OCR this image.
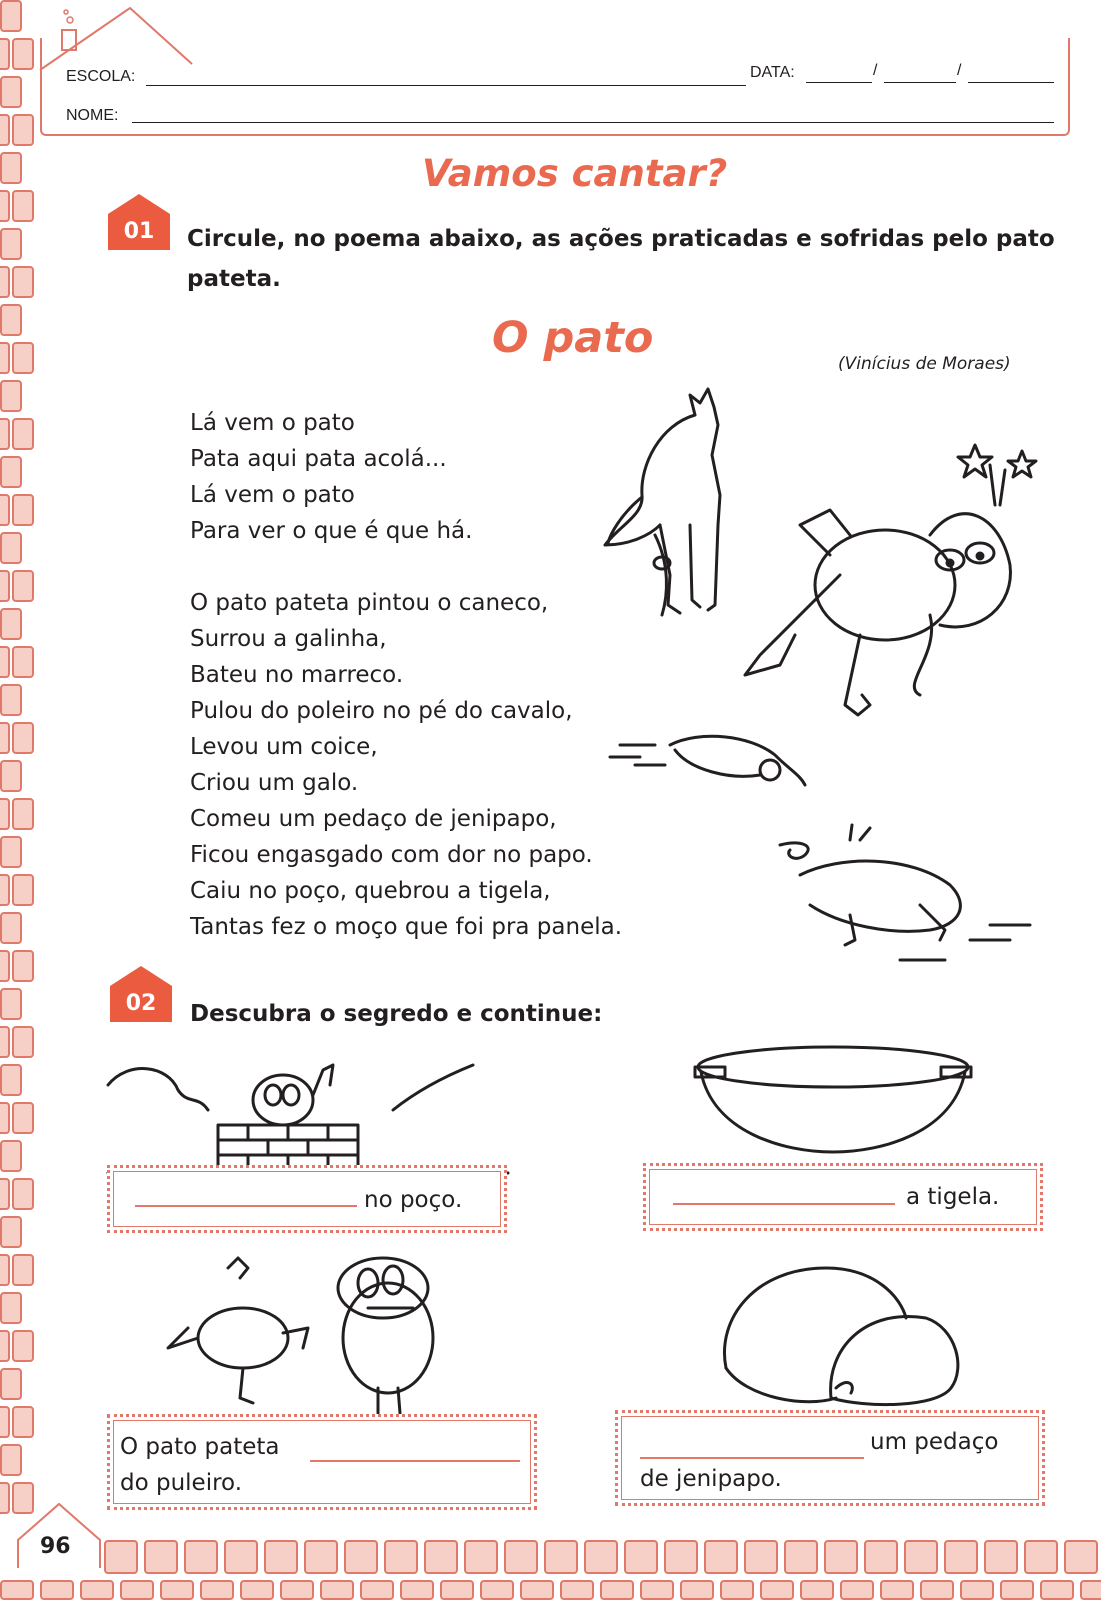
ESCOLA:	DATA:	/	/
NOME:
Vamos cantar?
01	Circule, no poema abaixo, as ações praticadas e sofridas pelo pato
pateta.
O pato
(Vinícius de Moraes)
Lá vem o pato
Pata aqui pata acolá...
Lá vem o pato
Para ver o que é que há.
O pato pateta pintou o caneco,
Surrou a galinha,
Bateu no marreco.
Pulou do poleiro no pé do cavalo,
Levou um coice,
Criou um galo.
Comeu um pedaço de jenipapo,
Ficou engasgado com dor no papo.
Caiu no poço, quebrou a tigela,
Tantas fez o moço que foi pra panela.
02	Descubra o segredo e continue:
no poço.	a tigela.
O pato pateta
do puleiro.
um pedaço
de jenipapo.
96
